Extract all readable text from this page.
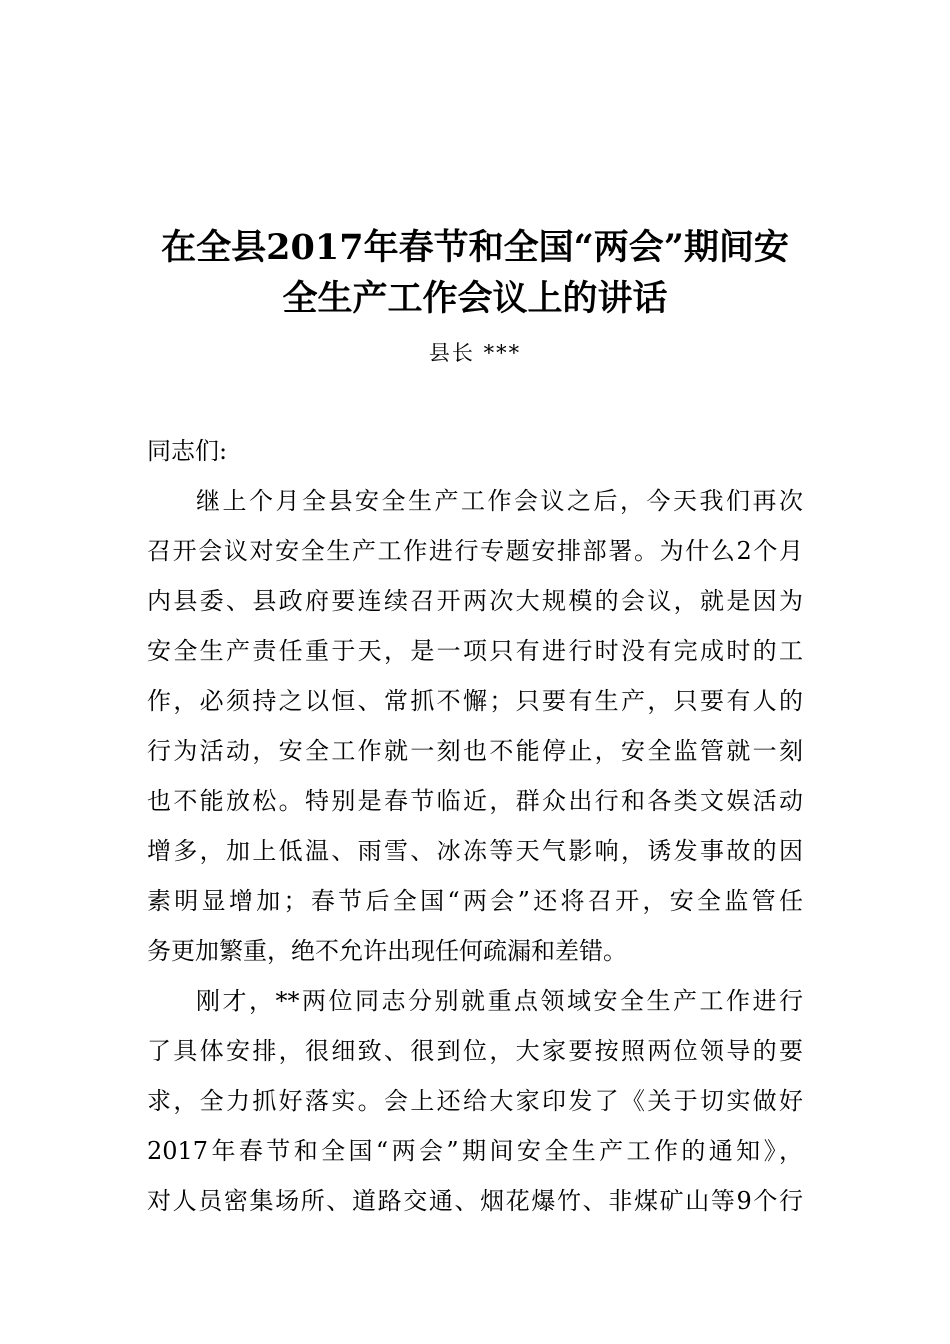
在全县2017年春节和全国“两会”期间安
全生产工作会议上的讲话
县长 ***
同志们:
继上个月全县安全生产工作会议之后，今天我们再次
召开会议对安全生产工作进行专题安排部署。为什么2个月
内县委、县政府要连续召开两次大规模的会议，就是因为
安全生产责任重于天，是一项只有进行时没有完成时的工
作，必须持之以恒、常抓不懈；只要有生产，只要有人的
行为活动，安全工作就一刻也不能停止，安全监管就一刻
也不能放松。特别是春节临近，群众出行和各类文娱活动
增多，加上低温、雨雪、冰冻等天气影响，诱发事故的因
素明显增加；春节后全国“两会”还将召开，安全监管任
务更加繁重，绝不允许出现任何疏漏和差错。
刚才，**两位同志分别就重点领域安全生产工作进行
了具体安排，很细致、很到位，大家要按照两位领导的要
求，全力抓好落实。会上还给大家印发了《关于切实做好
2017年春节和全国“两会”期间安全生产工作的通知》，
对人员密集场所、道路交通、烟花爆竹、非煤矿山等9个行
